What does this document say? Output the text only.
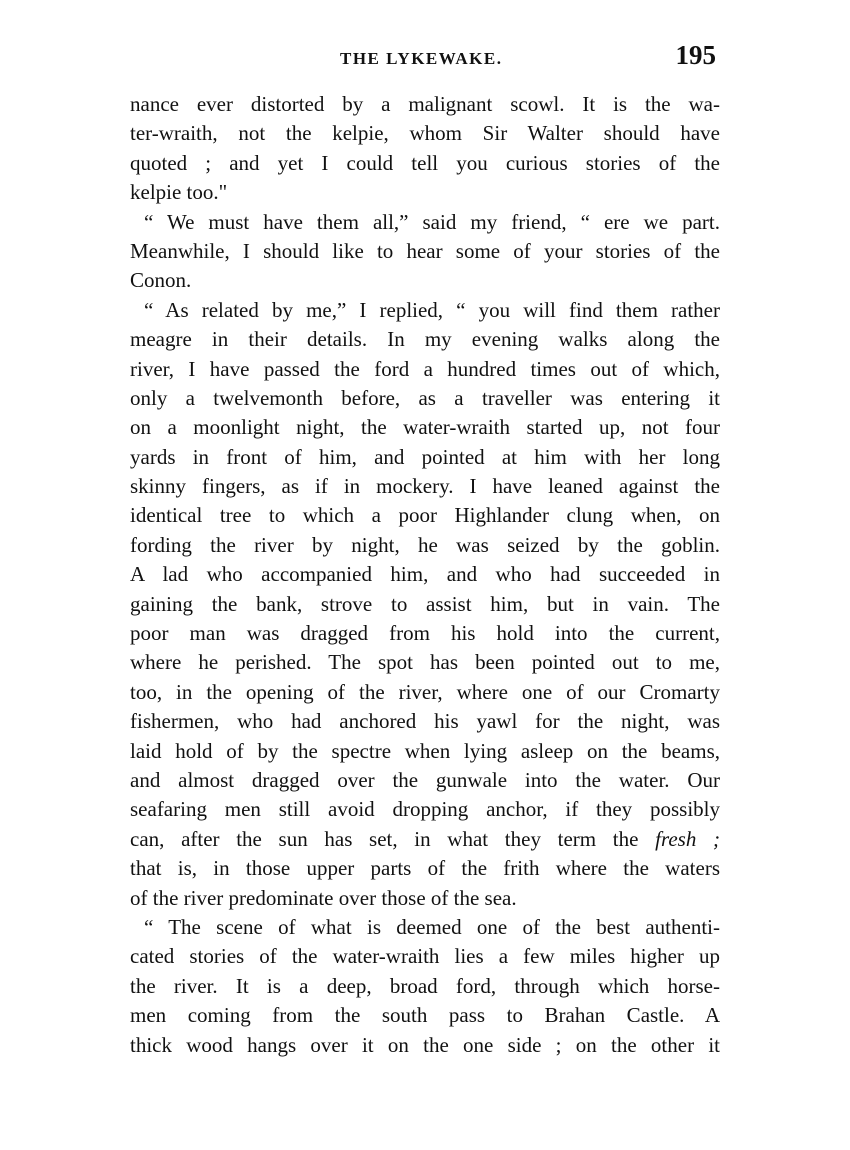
THE LYKEWAKE.	195
nance ever distorted by a malignant scowl. It is the wa-
ter-wraith, not the kelpie, whom Sir Walter should have
quoted ; and yet I could tell you curious stories of the
kelpie too."
“ We must have them all,” said my friend, “ ere we part.
Meanwhile, I should like to hear some of your stories of the
Conon.
“ As related by me,” I replied, “ you will find them rather
meagre in their details. In my evening walks along the
river, I have passed the ford a hundred times out of which,
only a twelvemonth before, as a traveller was entering it
on a moonlight night, the water-wraith started up, not four
yards in front of him, and pointed at him with her long
skinny fingers, as if in mockery. I have leaned against the
identical tree to which a poor Highlander clung when, on
fording the river by night, he was seized by the goblin.
A lad who accompanied him, and who had succeeded in
gaining the bank, strove to assist him, but in vain. The
poor man was dragged from his hold into the current,
where he perished. The spot has been pointed out to me,
too, in the opening of the river, where one of our Cromarty
fishermen, who had anchored his yawl for the night, was
laid hold of by the spectre when lying asleep on the beams,
and almost dragged over the gunwale into the water. Our
seafaring men still avoid dropping anchor, if they possibly
can, after the sun has set, in what they term the fresh ;
that is, in those upper parts of the frith where the waters
of the river predominate over those of the sea.
“ The scene of what is deemed one of the best authenti-
cated stories of the water-wraith lies a few miles higher up
the river. It is a deep, broad ford, through which horse-
men coming from the south pass to Brahan Castle. A
thick wood hangs over it on the one side ; on the other it
